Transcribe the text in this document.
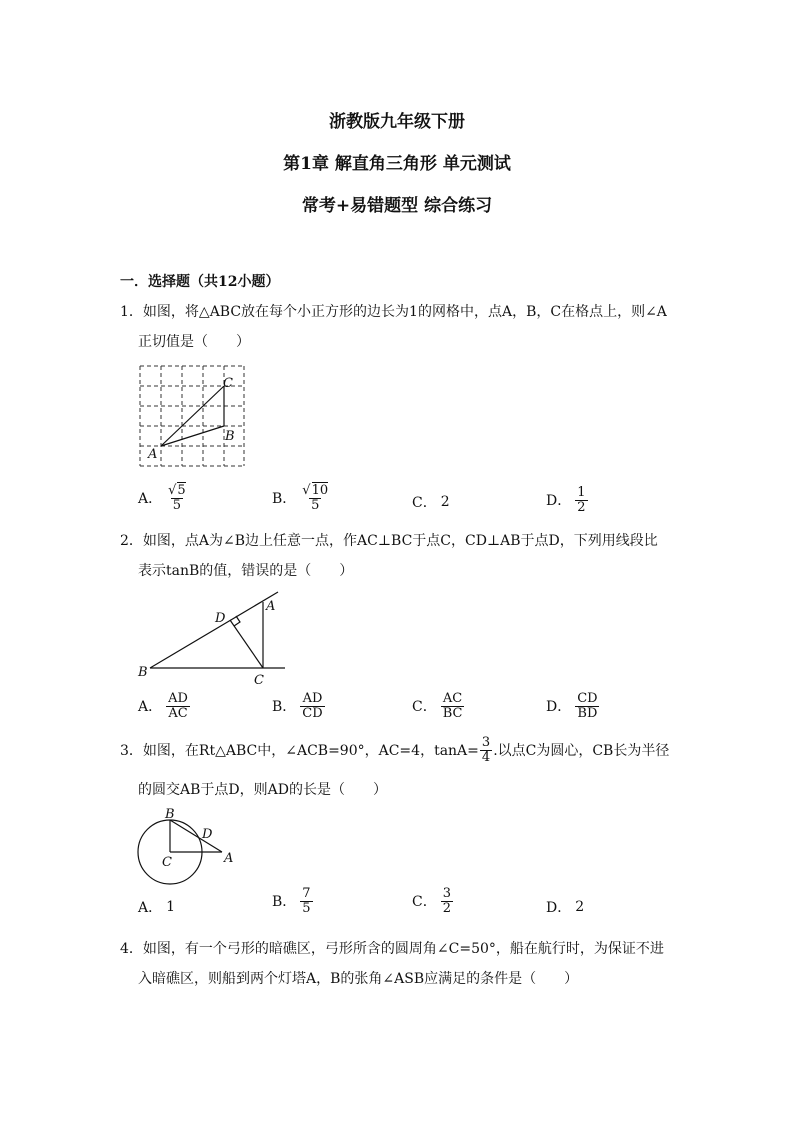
浙教版九年级下册
第1章 解直角三角形 单元测试
常考+易错题型 综合练习
一．选择题（共12小题）
1．如图，将△ABC放在每个小正方形的边长为1的网格中，点A，B，C在格点上，则∠A
正切值是（　　）
A
B
C
A． $\frac{√5}{5}$	B． $\frac{√10}{5}$	C． 2	D． $\frac{1}{2}$
2．如图，点A为∠B边上任意一点，作AC⊥BC于点C，CD⊥AB于点D，下列用线段比
表示tanB的值，错误的是（　　）
B
A
C
D
A． $\frac{AD}{AC}$	B． $\frac{AD}{CD}$	C． $\frac{AC}{BC}$	D． $\frac{CD}{BD}$
3． 如图，在Rt△ABC中，∠ACB=90°，AC=4，$\tan A= \frac{3}{4}$ .以点C为圆心，CB长为半径
的圆交AB于点D，则AD的长是（　　）
B
C
D
A
A． 1	B． $\frac{7}{5}$	C． $\frac{3}{2}$	D． 2
4．如图，有一个弓形的暗礁区，弓形所含的圆周角∠C=50°，船在航行时，为保证不进
入暗礁区，则船到两个灯塔A，B的张角∠ASB应满足的条件是（　　）
